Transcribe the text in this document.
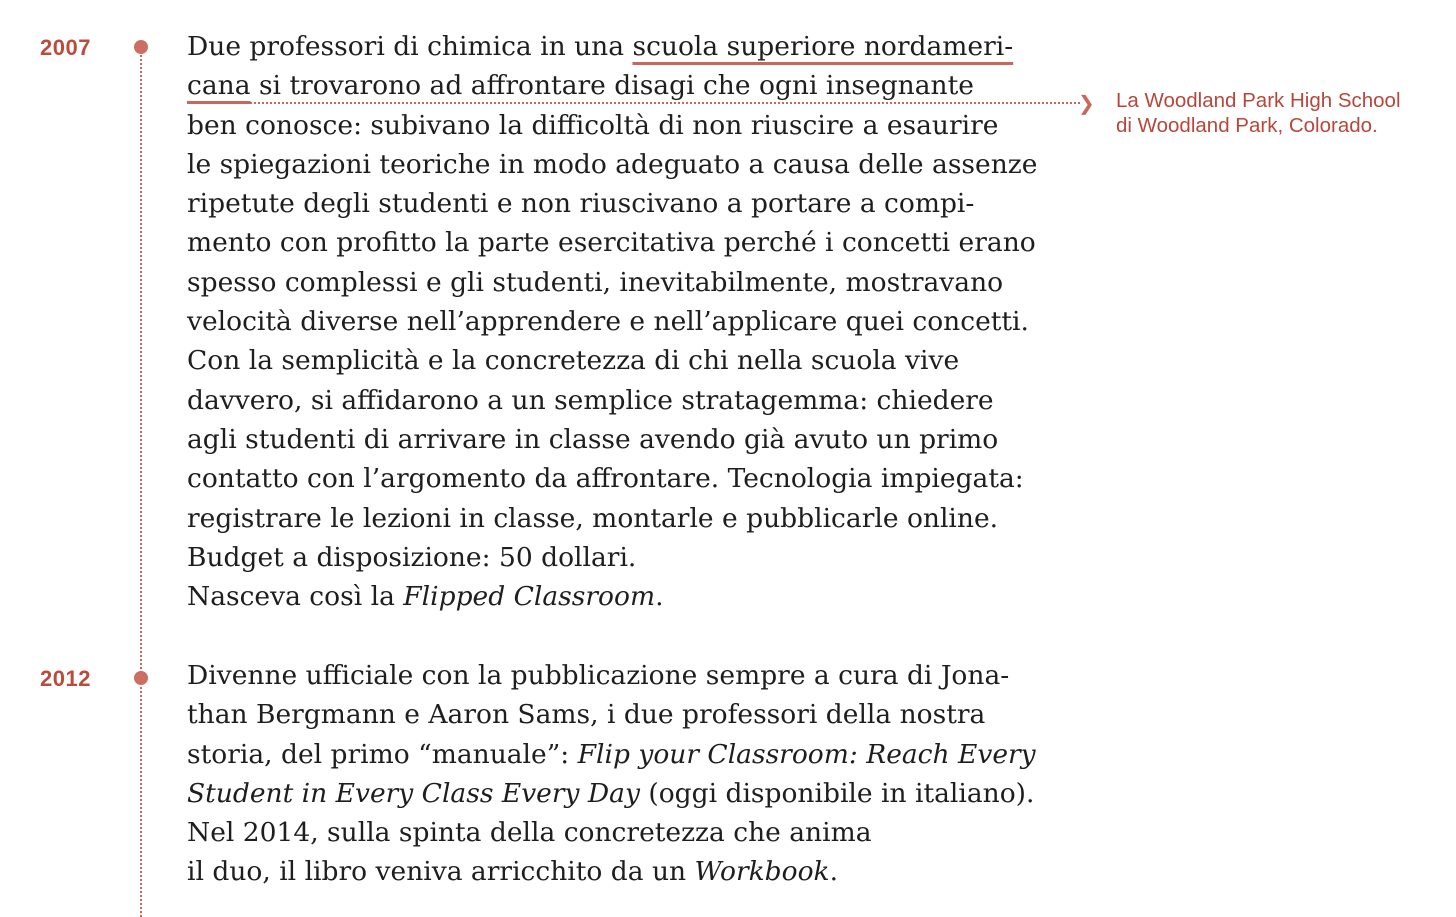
2007
2012
Due professori di chimica in una scuola superiore nordameri-
cana si trovarono ad affrontare disagi che ogni insegnante
ben conosce: subivano la difficoltà di non riuscire a esaurire
le spiegazioni teoriche in modo adeguato a causa delle assenze
ripetute degli studenti e non riuscivano a portare a compi-
mento con profitto la parte esercitativa perché i concetti erano
spesso complessi e gli studenti, inevitabilmente, mostravano
velocità diverse nell’apprendere e nell’applicare quei concetti.
Con la semplicità e la concretezza di chi nella scuola vive
davvero, si affidarono a un semplice stratagemma: chiedere
agli studenti di arrivare in classe avendo già avuto un primo
contatto con l’argomento da affrontare. Tecnologia impiegata:
registrare le lezioni in classe, montarle e pubblicarle online.
Budget a disposizione: 50 dollari.
Nasceva così la Flipped Classroom.
Divenne ufficiale con la pubblicazione sempre a cura di Jona-
than Bergmann e Aaron Sams, i due professori della nostra
storia, del primo “manuale”: Flip your Classroom: Reach Every
Student in Every Class Every Day (oggi disponibile in italiano).
Nel 2014, sulla spinta della concretezza che anima
il duo, il libro veniva arricchito da un Workbook.
❯ La Woodland Park High School
di Woodland Park, Colorado.
